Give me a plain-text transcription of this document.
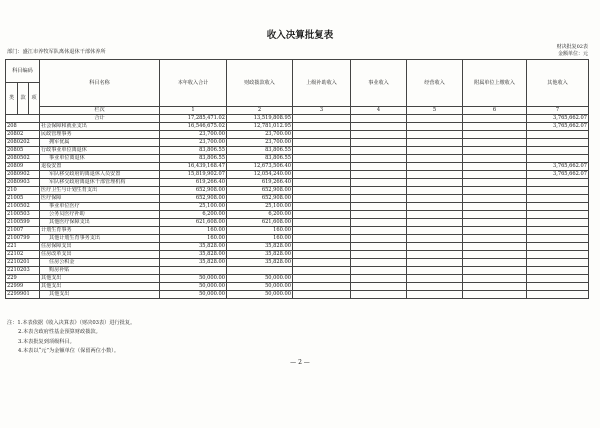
收入决算批复表
部门：盛江市养牧军队离休退休干部休养所
财决批复02表
金额单位：元
科目编码			科目名称	本年收入合计	财政拨款收入	上级补助收入	事业收入	经营收入	附属单位上缴收入	其他收入
类	款	项								
			栏次	1	2	3	4	5	6	7
			合计	17,285,471.02	13,519,808.95					3,765,662.07
208			社会保障和就业支出	16,546,675.02	12,781,012.95					3,765,662.07
20802			民政管理事务	23,700.00	23,700.00					
2080202			拥军优属	23,700.00	23,700.00					
20805			行政事业单位离退休	83,806.55	83,806.55					
2080502			事业单位离退休	83,806.55	83,806.55					
20809			退役安置	16,439,168.47	12,673,506.40					3,765,662.07
2080902			军队移交政府的离退休人员安置	15,819,902.07	12,054,240.00					3,765,662.07
2080903			军队移交政府离退休干部管理机构	619,266.40	619,266.40					
210			医疗卫生与计划生育支出	652,908.00	652,908.00					
21005			医疗保障	652,908.00	652,908.00					
2100502			事业单位医疗	25,100.00	25,100.00					
2100503			公务员医疗补助	6,200.00	6,200.00					
2100599			其他医疗保障支出	621,608.00	621,608.00					
21007			计划生育事务	160.00	160.00					
2100799			其他计划生育事务支出	160.00	160.00					
221			住房保障支出	35,828.00	35,828.00					
22102			住房改革支出	35,828.00	35,828.00					
2210201			住房公积金	35,828.00	35,828.00					
2210203			购房补贴							
229			其他支出	50,000.00	50,000.00					
22999			其他支出	50,000.00	50,000.00					
2299901			其他支出	50,000.00	50,000.00					
注：1.本表依据《收入决算表》（财决03表）进行批复。
2.本表含政府性基金预算财政拨款。
3.本表批复到项级科目。
4.本表以“元”为金额单位（保留两位小数）。
— 2 —
